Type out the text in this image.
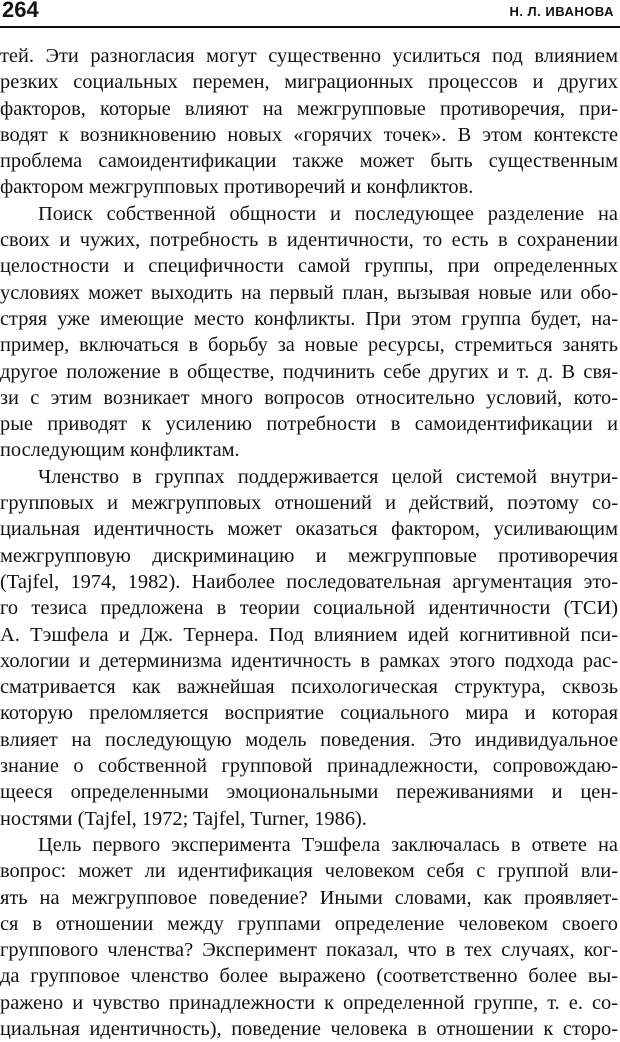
264	Н. Л. ИВАНОВА
тей. Эти разногласия могут существенно усилиться под влиянием
резких социальных перемен, миграционных процессов и других
факторов, которые влияют на межгрупповые противоречия, при-
водят к возникновению новых «горячих точек». В этом контексте
проблема самоидентификации также может быть существенным
фактором межгрупповых противоречий и конфликтов.
Поиск собственной общности и последующее разделение на
своих и чужих, потребность в идентичности, то есть в сохранении
целостности и специфичности самой группы, при определенных
условиях может выходить на первый план, вызывая новые или обо-
стряя уже имеющие место конфликты. При этом группа будет, на-
пример, включаться в борьбу за новые ресурсы, стремиться занять
другое положение в обществе, подчинить себе других и т. д. В свя-
зи с этим возникает много вопросов относительно условий, кото-
рые приводят к усилению потребности в самоидентификации и
последующим конфликтам.
Членство в группах поддерживается целой системой внутри-
групповых и межгрупповых отношений и действий, поэтому со-
циальная идентичность может оказаться фактором, усиливающим
межгрупповую дискриминацию и межгрупповые противоречия
(Tajfel, 1974, 1982). Наиболее последовательная аргументация это-
го тезиса предложена в теории социальной идентичности (ТСИ)
А. Тэшфела и Дж. Тернера. Под влиянием идей когнитивной пси-
хологии и детерминизма идентичность в рамках этого подхода рас-
сматривается как важнейшая психологическая структура, сквозь
которую преломляется восприятие социального мира и которая
влияет на последующую модель поведения. Это индивидуальное
знание о собственной групповой принадлежности, сопровождаю-
щееся определенными эмоциональными переживаниями и цен-
ностями (Tajfel, 1972; Tajfel, Turner, 1986).
Цель первого эксперимента Тэшфела заключалась в ответе на
вопрос: может ли идентификация человеком себя с группой вли-
ять на межгрупповое поведение? Иными словами, как проявляет-
ся в отношении между группами определение человеком своего
группового членства? Эксперимент показал, что в тех случаях, ког-
да групповое членство более выражено (соответственно более вы-
ражено и чувство принадлежности к определенной группе, т. е. со-
циальная идентичность), поведение человека в отношении к сторо-
